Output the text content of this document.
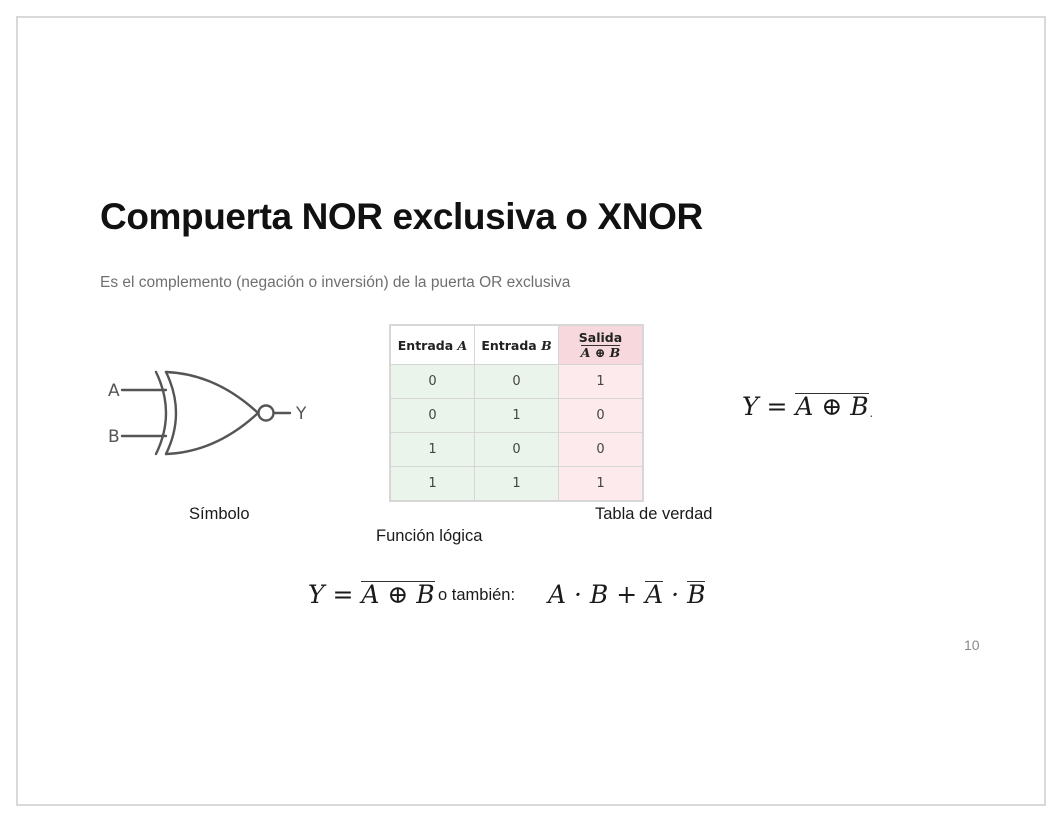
Compuerta NOR exclusiva o XNOR
Es el complemento (negación o inversión) de la puerta OR exclusiva
A
B
Y
Símbolo
Función lógica
Tabla de verdad
Entrada A	Entrada B	Salida A ⊕ B
0	0	1
0	1	0
1	0	0
1	1	1
Y = A ⊕ B ·
Y = A ⊕ B o también: A · B + A · B
10
